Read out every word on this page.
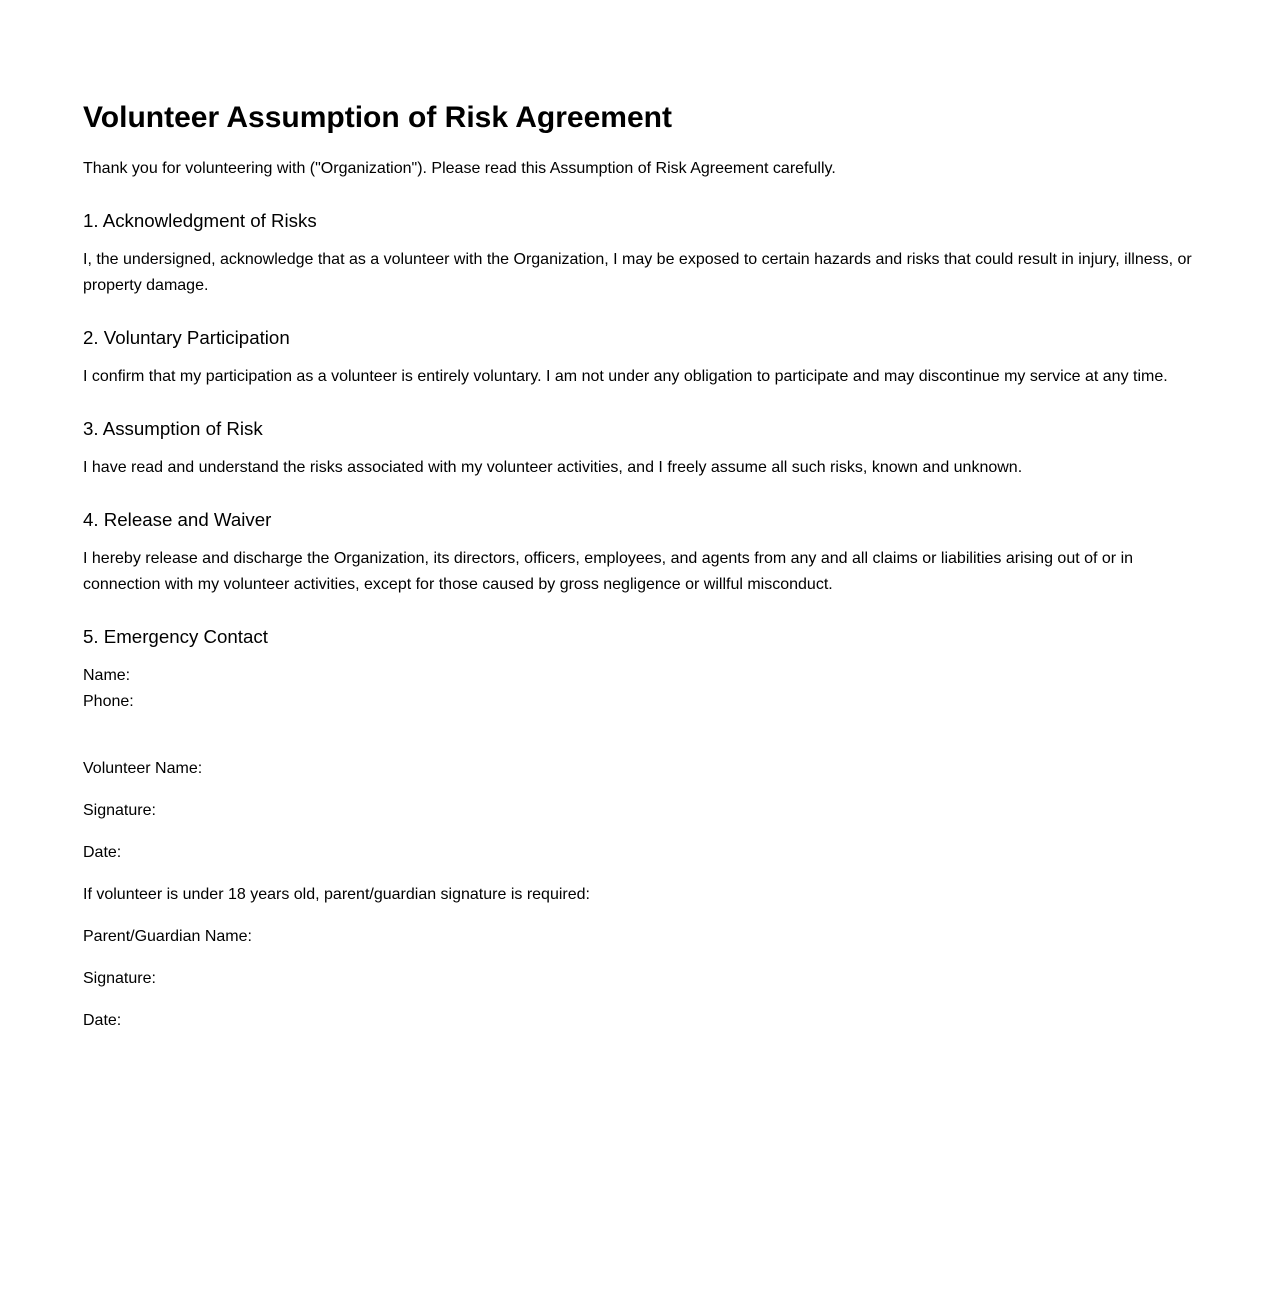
Volunteer Assumption of Risk Agreement

Thank you for volunteering with ("Organization"). Please read this Assumption of Risk Agreement carefully.

1. Acknowledgment of Risks

I, the undersigned, acknowledge that as a volunteer with the Organization, I may be exposed to certain hazards and risks that could result in injury, illness, or property damage.

2. Voluntary Participation

I confirm that my participation as a volunteer is entirely voluntary. I am not under any obligation to participate and may discontinue my service at any time.

3. Assumption of Risk

I have read and understand the risks associated with my volunteer activities, and I freely assume all such risks, known and unknown.

4. Release and Waiver

I hereby release and discharge the Organization, its directors, officers, employees, and agents from any and all claims or liabilities arising out of or in connection with my volunteer activities, except for those caused by gross negligence or willful misconduct.

5. Emergency Contact

Name:
Phone:

Volunteer Name:

Signature:

Date:

If volunteer is under 18 years old, parent/guardian signature is required:

Parent/Guardian Name:

Signature:

Date:
